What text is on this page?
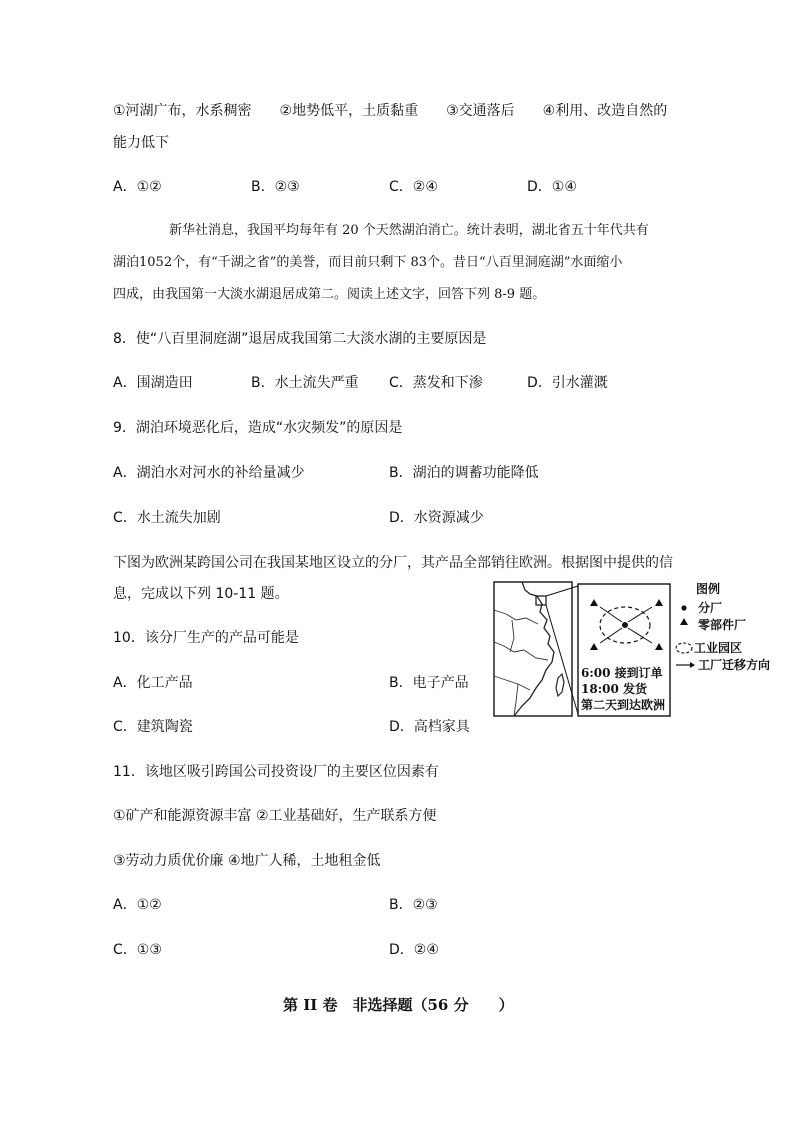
①河湖广布，水系稠密　　②地势低平，土质黏重　　③交通落后　　④利用、改造自然的
能力低下
A．①②	B．②③	C．②④	D．①④
新华社消息，我国平均每年有 20 个天然湖泊消亡。统计表明，湖北省五十年代共有
湖泊1052个，有“千湖之省”的美誉，而目前只剩下 83个。昔日“八百里洞庭湖”水面缩小
四成，由我国第一大淡水湖退居成第二。阅读上述文字，回答下列 8-9 题。
8．使“八百里洞庭湖”退居成我国第二大淡水湖的主要原因是
A．围湖造田	B．水土流失严重 C．蒸发和下渗	D．引水灌溉
9．湖泊环境恶化后，造成“水灾频发”的原因是
A．湖泊水对河水的补给量减少	B．湖泊的调蓄功能降低
C．水土流失加剧	D．水资源减少
下图为欧洲某跨国公司在我国某地区设立的分厂，其产品全部销往欧洲。根据图中提供的信
息，完成以下列 10-11 题。
10．该分厂生产的产品可能是
A．化工产品	B．电子产品
C．建筑陶瓷	D．高档家具
6:00 接到订单
18:00 发货
第二天到达欧洲
图例
分厂
零部件厂
工业园区
工厂迁移方向
11．该地区吸引跨国公司投资设厂的主要区位因素有
①矿产和能源资源丰富 ②工业基础好，生产联系方便
③劳动力质优价廉 ④地广人稀，土地租金低
A．①②	B．②③
C．①③	D．②④
第 II 卷　非选择题（56 分　　）
